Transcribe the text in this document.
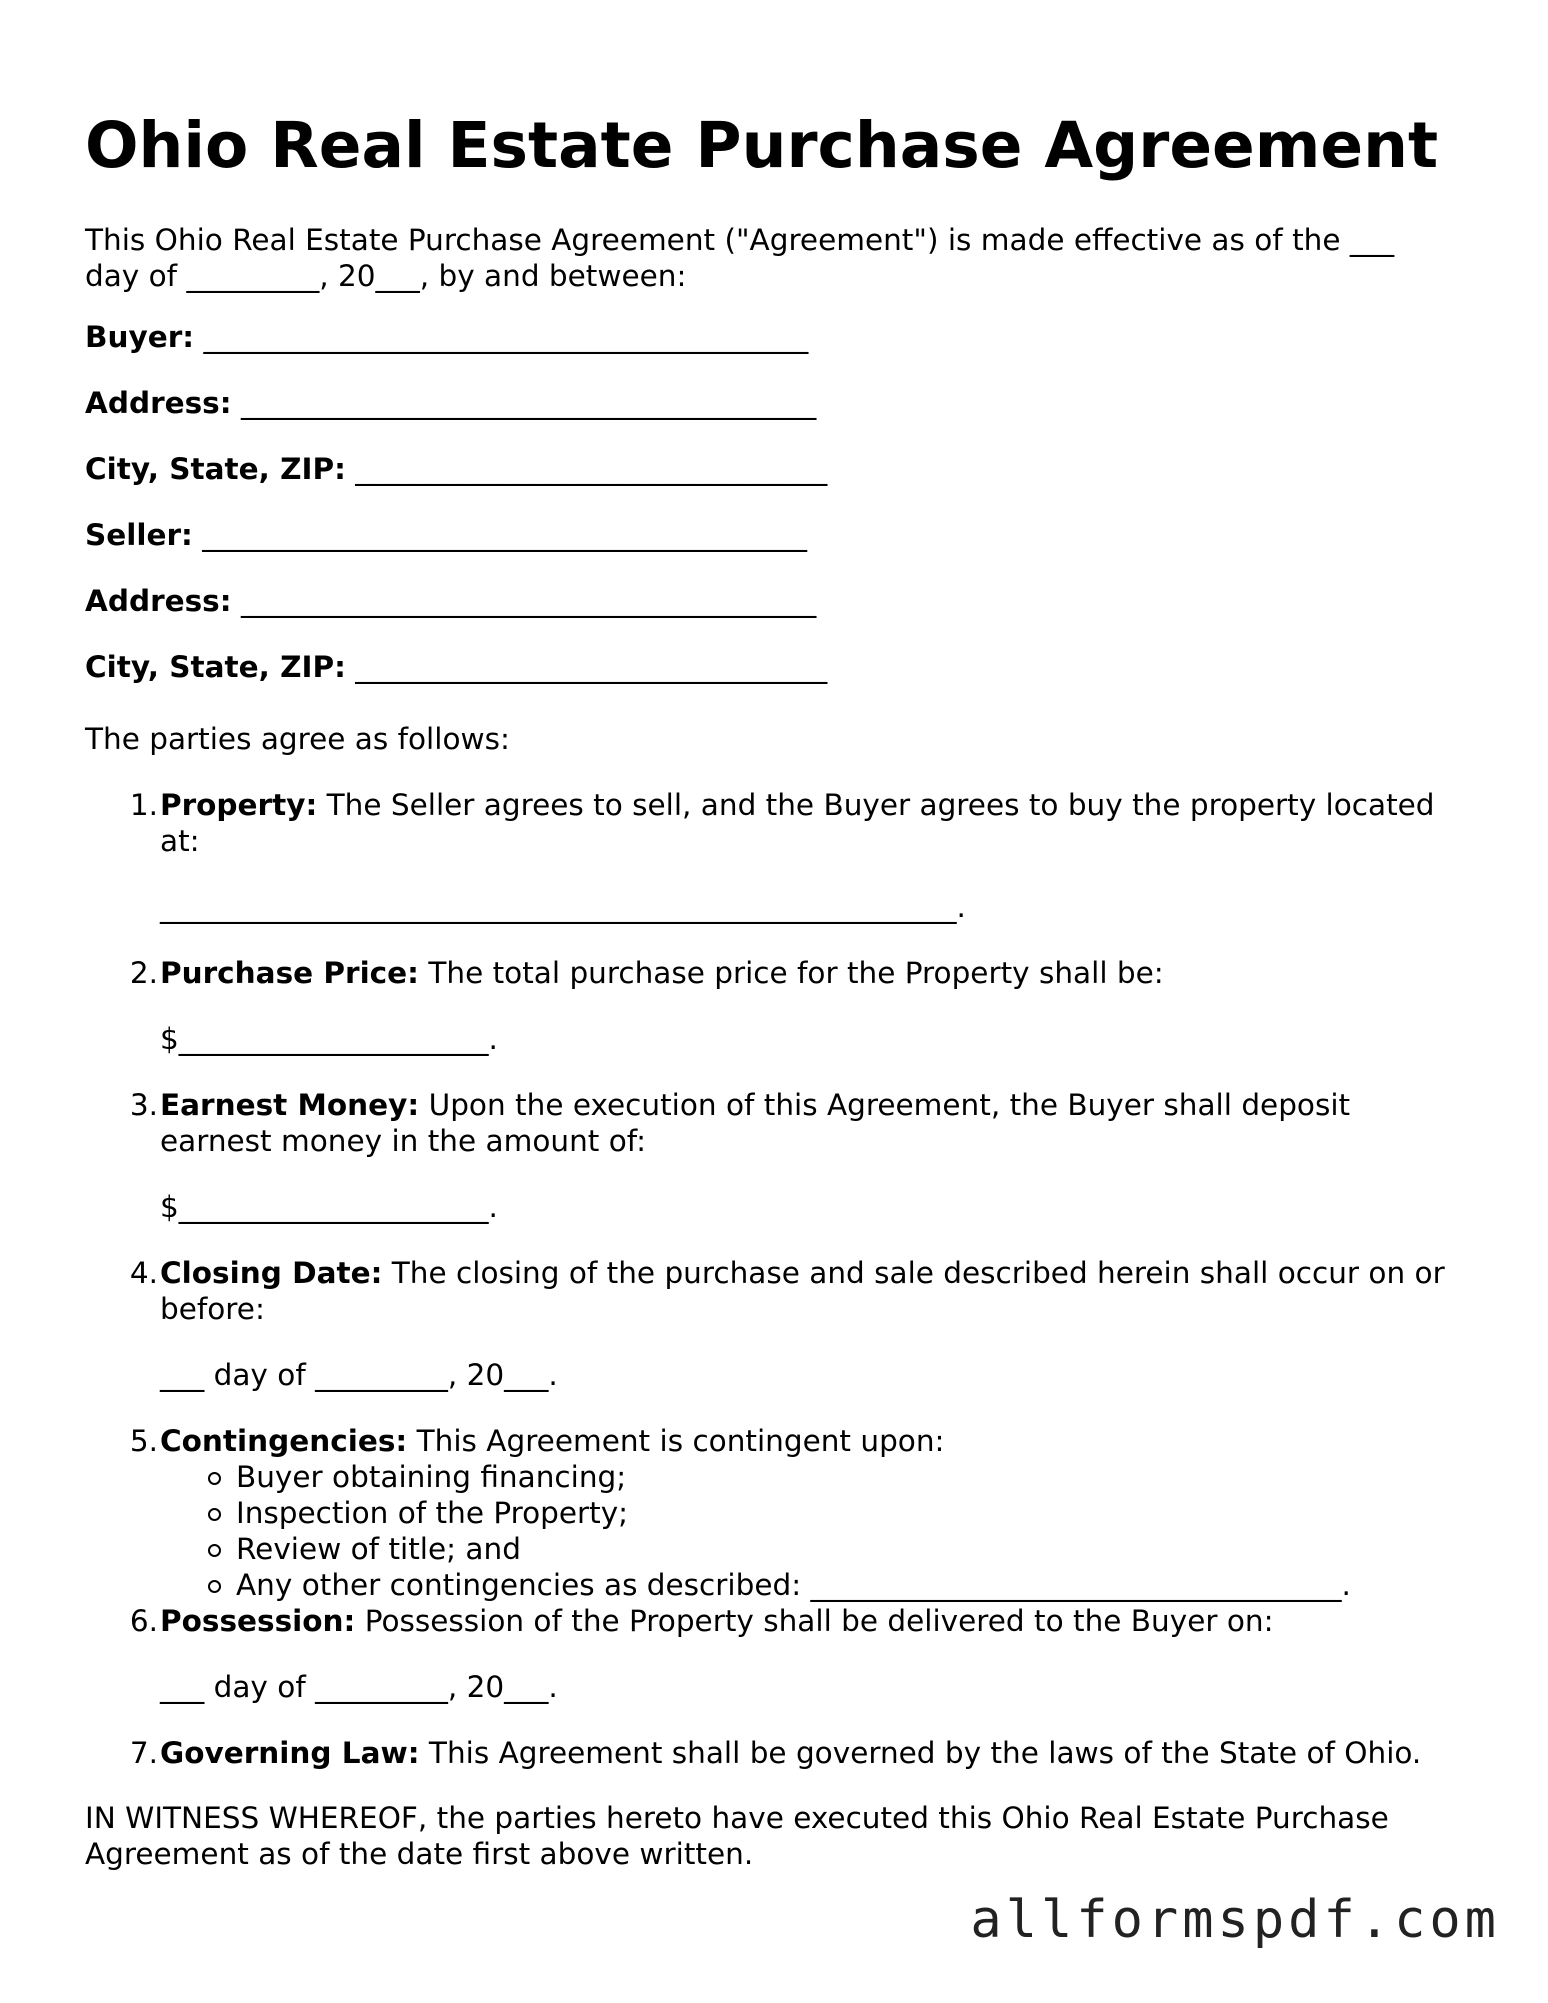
Ohio Real Estate Purchase Agreement
This Ohio Real Estate Purchase Agreement ("Agreement") is made effective as of the ___
day of _________, 20___, by and between:
Buyer: _________________________________________
Address: _______________________________________
City, State, ZIP: ________________________________
Seller: _________________________________________
Address: _______________________________________
City, State, ZIP: ________________________________
The parties agree as follows:
1. Property: The Seller agrees to sell, and the Buyer agrees to buy the property located at:
______________________________________________________.
2. Purchase Price: The total purchase price for the Property shall be:
$_____________________.
3. Earnest Money: Upon the execution of this Agreement, the Buyer shall deposit earnest money in the amount of:
$_____________________.
4. Closing Date: The closing of the purchase and sale described herein shall occur on or before:
___ day of _________, 20___.
5. Contingencies: This Agreement is contingent upon:
Buyer obtaining financing;
Inspection of the Property;
Review of title; and
Any other contingencies as described: ____________________________________.
6. Possession: Possession of the Property shall be delivered to the Buyer on:
___ day of _________, 20___.
7. Governing Law: This Agreement shall be governed by the laws of the State of Ohio.
IN WITNESS WHEREOF, the parties hereto have executed this Ohio Real Estate Purchase Agreement as of the date first above written.
allformspdf.com
